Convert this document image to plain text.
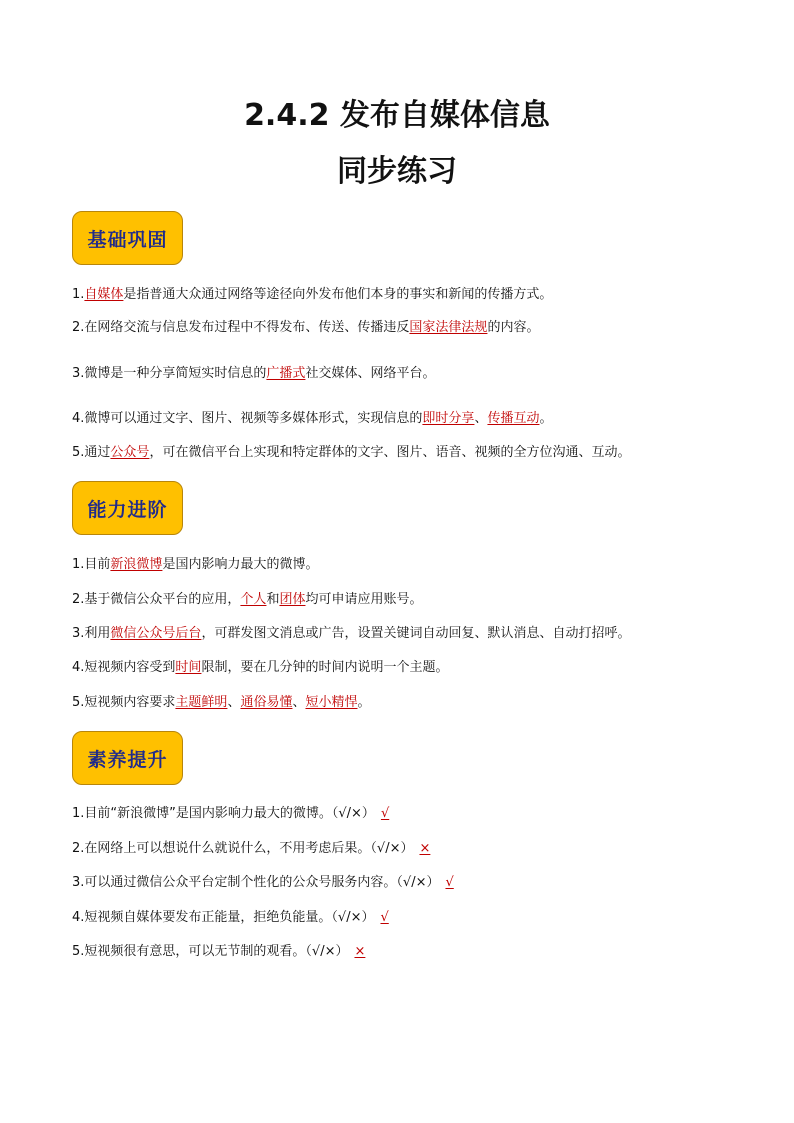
2.4.2 发布自媒体信息
同步练习
基础巩固
能力进阶
素养提升
1.自媒体是指普通大众通过网络等途径向外发布他们本身的事实和新闻的传播方式。
2.在网络交流与信息发布过程中不得发布、传送、传播违反国家法律法规的内容。
3.微博是一种分享简短实时信息的广播式社交媒体、网络平台。
4.微博可以通过文字、图片、视频等多媒体形式，实现信息的即时分享、传播互动。
5.通过公众号，可在微信平台上实现和特定群体的文字、图片、语音、视频的全方位沟通、互动。
1.目前新浪微博是国内影响力最大的微博。
2.基于微信公众平台的应用，个人和团体均可申请应用账号。
3.利用微信公众号后台，可群发图文消息或广告，设置关键词自动回复、默认消息、自动打招呼。
4.短视频内容受到时间限制，要在几分钟的时间内说明一个主题。
5.短视频内容要求主题鲜明、通俗易懂、短小精悍。
1.目前“新浪微博”是国内影响力最大的微博。（√/×） √
2.在网络上可以想说什么就说什么，不用考虑后果。（√/×） ×
3.可以通过微信公众平台定制个性化的公众号服务内容。（√/×） √
4.短视频自媒体要发布正能量，拒绝负能量。（√/×） √
5.短视频很有意思，可以无节制的观看。（√/×） ×
